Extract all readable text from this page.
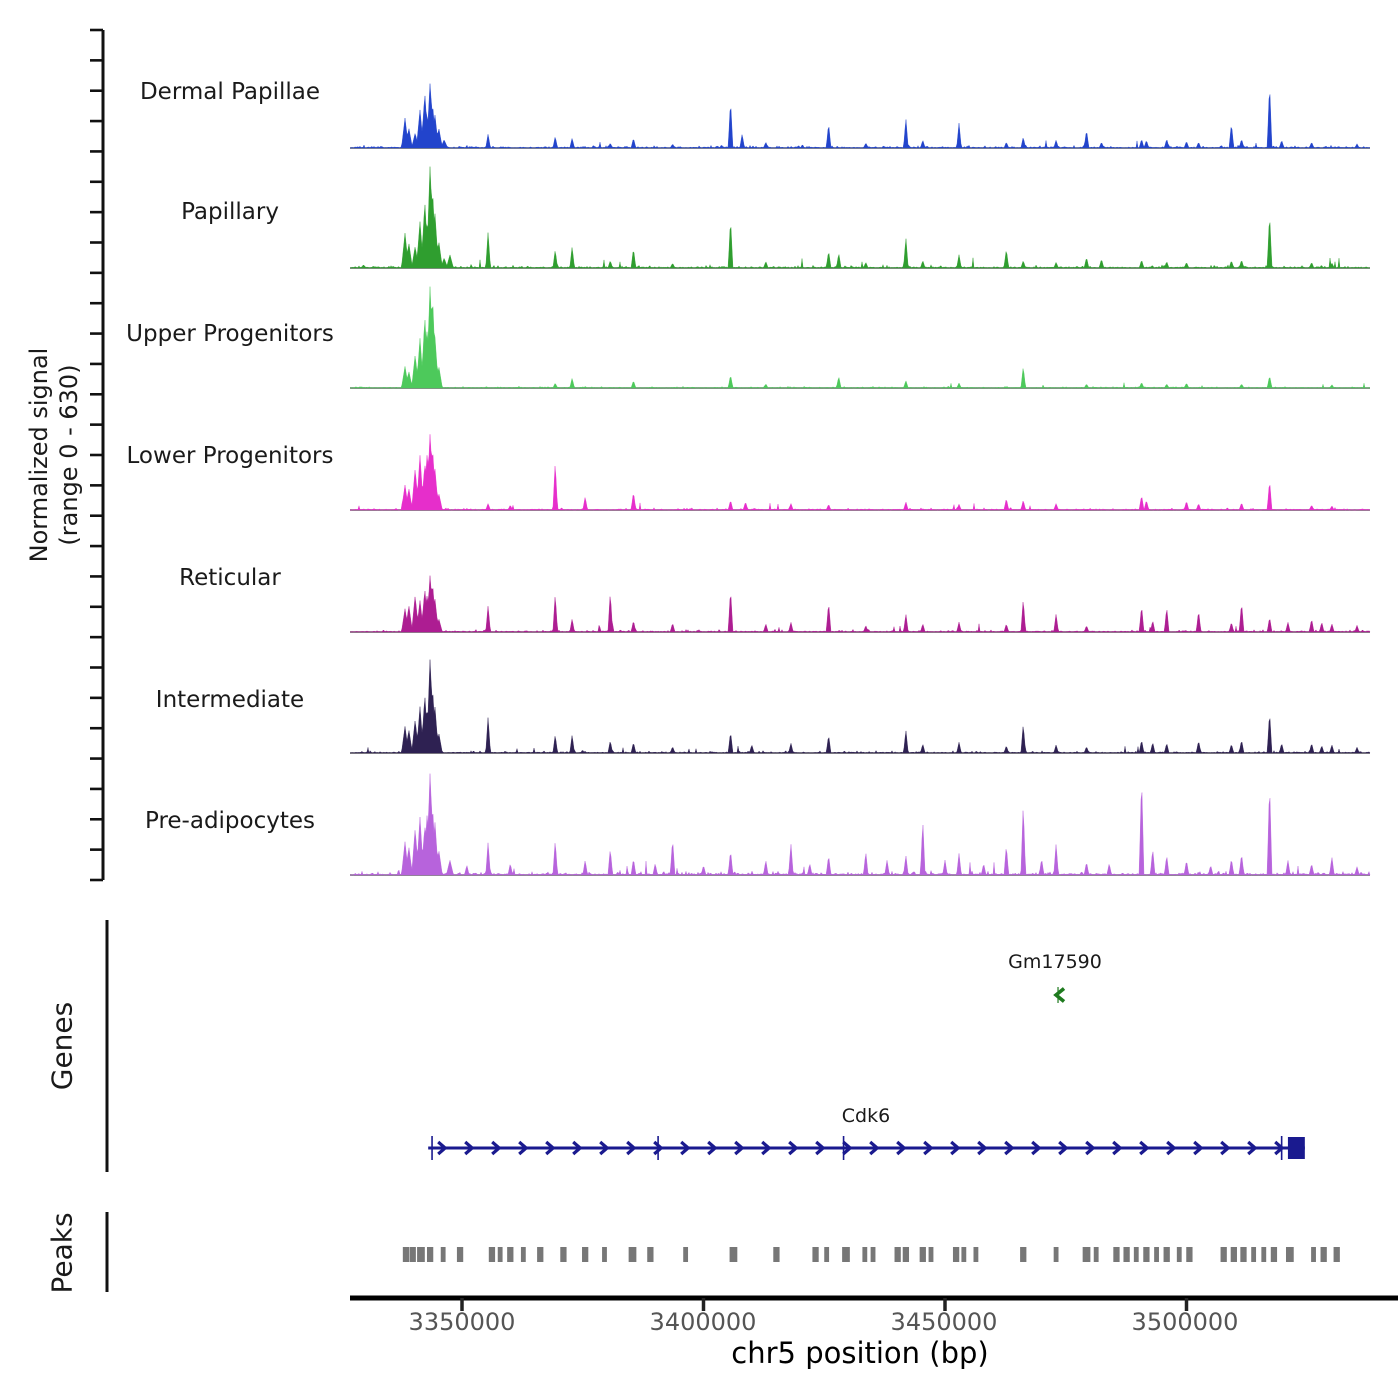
Dermal Papillae
Papillary
Upper Progenitors
Lower Progenitors
Reticular
Intermediate
Pre-adipocytes
Normalized signal (range 0 - 630)
Genes
Peaks
Gm17590
Cdk6
3350000	3400000	3450000	3500000
chr5 position (bp)
